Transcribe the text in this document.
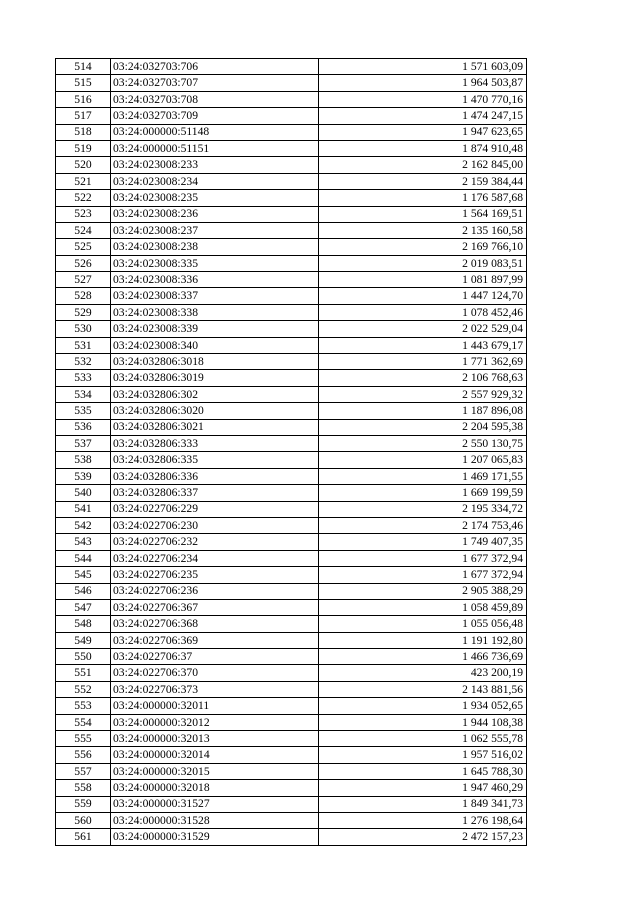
514	03:24:032703:706	1 571 603,09
515	03:24:032703:707	1 964 503,87
516	03:24:032703:708	1 470 770,16
517	03:24:032703:709	1 474 247,15
518	03:24:000000:51148	1 947 623,65
519	03:24:000000:51151	1 874 910,48
520	03:24:023008:233	2 162 845,00
521	03:24:023008:234	2 159 384,44
522	03:24:023008:235	1 176 587,68
523	03:24:023008:236	1 564 169,51
524	03:24:023008:237	2 135 160,58
525	03:24:023008:238	2 169 766,10
526	03:24:023008:335	2 019 083,51
527	03:24:023008:336	1 081 897,99
528	03:24:023008:337	1 447 124,70
529	03:24:023008:338	1 078 452,46
530	03:24:023008:339	2 022 529,04
531	03:24:023008:340	1 443 679,17
532	03:24:032806:3018	1 771 362,69
533	03:24:032806:3019	2 106 768,63
534	03:24:032806:302	2 557 929,32
535	03:24:032806:3020	1 187 896,08
536	03:24:032806:3021	2 204 595,38
537	03:24:032806:333	2 550 130,75
538	03:24:032806:335	1 207 065,83
539	03:24:032806:336	1 469 171,55
540	03:24:032806:337	1 669 199,59
541	03:24:022706:229	2 195 334,72
542	03:24:022706:230	2 174 753,46
543	03:24:022706:232	1 749 407,35
544	03:24:022706:234	1 677 372,94
545	03:24:022706:235	1 677 372,94
546	03:24:022706:236	2 905 388,29
547	03:24:022706:367	1 058 459,89
548	03:24:022706:368	1 055 056,48
549	03:24:022706:369	1 191 192,80
550	03:24:022706:37	1 466 736,69
551	03:24:022706:370	423 200,19
552	03:24:022706:373	2 143 881,56
553	03:24:000000:32011	1 934 052,65
554	03:24:000000:32012	1 944 108,38
555	03:24:000000:32013	1 062 555,78
556	03:24:000000:32014	1 957 516,02
557	03:24:000000:32015	1 645 788,30
558	03:24:000000:32018	1 947 460,29
559	03:24:000000:31527	1 849 341,73
560	03:24:000000:31528	1 276 198,64
561	03:24:000000:31529	2 472 157,23
